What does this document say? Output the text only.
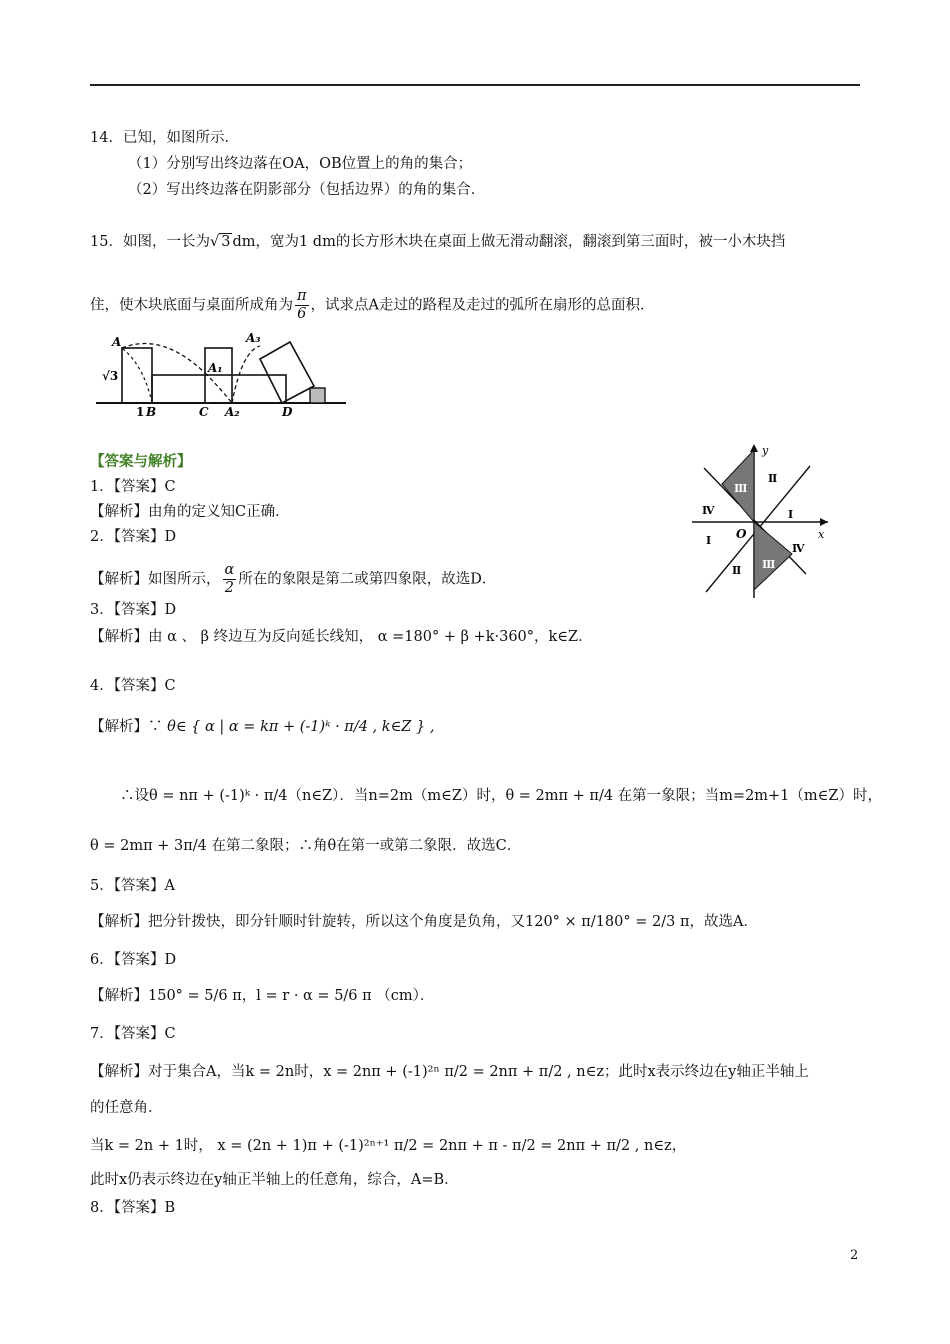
14．已知，如图所示．
（1）分别写出终边落在OA，OB位置上的角的集合；
（2）写出终边落在阴影部分（包括边界）的角的集合．
15．如图，一长为√ 3 dm，宽为1 dm的长方形木块在桌面上做无滑动翻滚，翻滚到第三面时，被一小木块挡
住，使木块底面与桌面所成角为 $\frac{\pi}{6}$ ，试求点A走过的路程及走过的弧所在扇形的总面积．
A	A₃
√3
A₁
1 B	C A₂	D
y
x
O
Ⅲ
Ⅱ
Ⅳ	Ⅰ
Ⅰ
Ⅳ
Ⅱ Ⅲ
【答案与解析】
1．【答案】C
【解析】由角的定义知C正确．
2．【答案】D
【解析】如图所示， $\frac{\alpha}{2}$ 所在的象限是第二或第四象限，故选D．
3．【答案】D
【解析】由 α 、 β 终边互为反向延长线知， α =180° + β +k·360°，k∈Z．
4．【答案】C
【解析】∵ θ∈ { α | α = kπ + (-1)ᵏ · π/4 , k∈Z } ,
∴设θ = nπ + (-1)ᵏ · π/4（n∈Z）．当n=2m（m∈Z）时，θ = 2mπ + π/4 在第一象限；当m=2m+1（m∈Z）时，
θ = 2mπ + 3π/4 在第二象限；∴角θ在第一或第二象限．故选C．
5．【答案】A
【解析】把分针拨快，即分针顺时针旋转，所以这个角度是负角，又120° × π/180° = 2/3 π，故选A．
6．【答案】D
【解析】150° = 5/6 π，l = r · α = 5/6 π （cm）．
7．【答案】C
【解析】对于集合A，当k = 2n时，x = 2nπ + (-1)²ⁿ π/2 = 2nπ + π/2 , n∈z；此时x表示终边在y轴正半轴上
的任意角．
当k = 2n + 1时， x = (2n + 1)π + (-1)²ⁿ⁺¹ π/2 = 2nπ + π - π/2 = 2nπ + π/2 , n∈z，
此时x仍表示终边在y轴正半轴上的任意角，综合，A=B．
8．【答案】B
2
